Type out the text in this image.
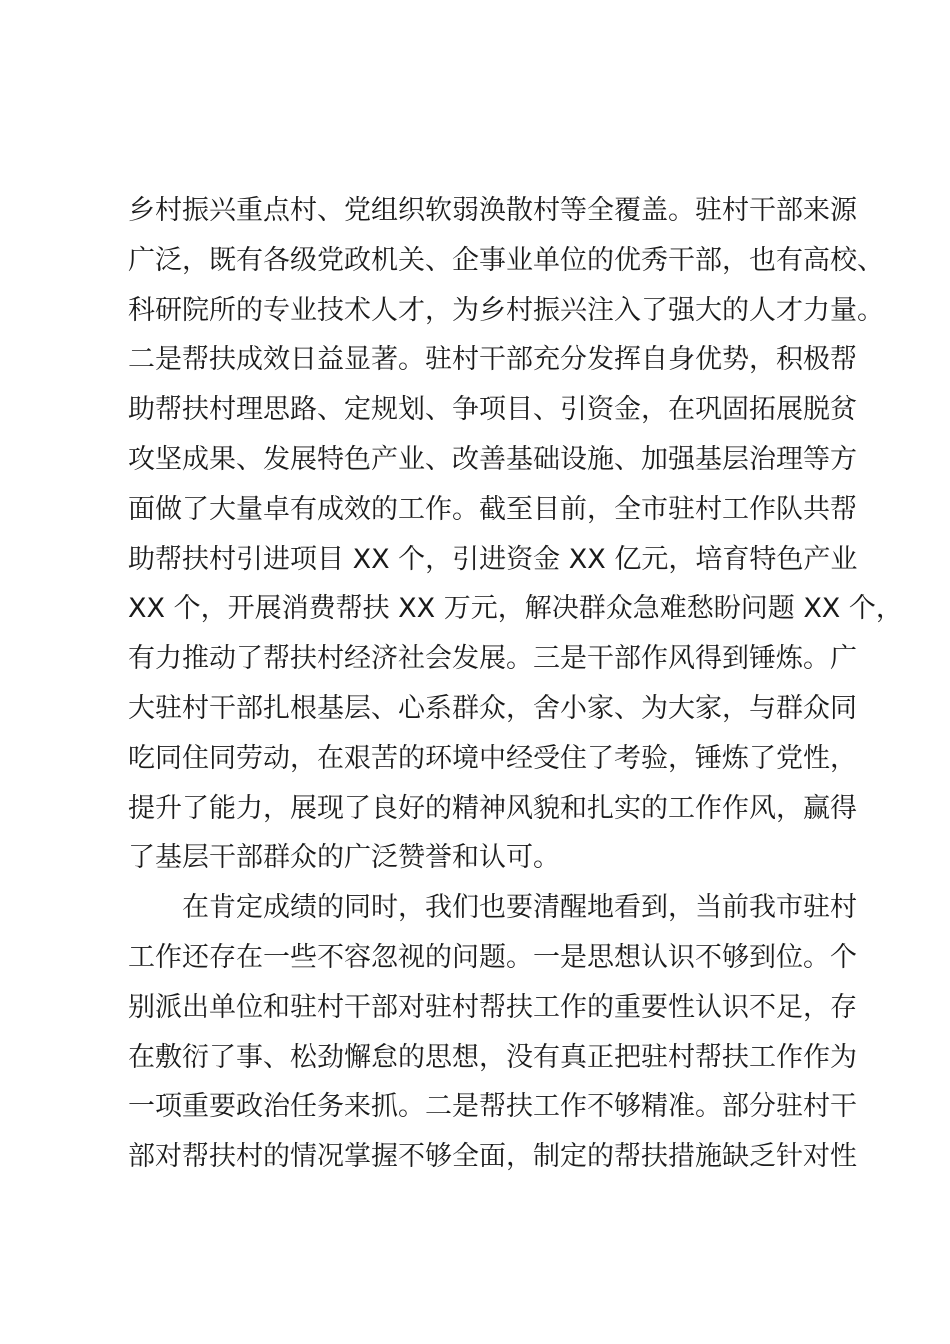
乡村振兴重点村、党组织软弱涣散村等全覆盖。驻村干部来源
广泛，既有各级党政机关、企事业单位的优秀干部，也有高校、
科研院所的专业技术人才，为乡村振兴注入了强大的人才力量。
二是帮扶成效日益显著。驻村干部充分发挥自身优势，积极帮
助帮扶村理思路、定规划、争项目、引资金，在巩固拓展脱贫
攻坚成果、发展特色产业、改善基础设施、加强基层治理等方
面做了大量卓有成效的工作。截至目前，全市驻村工作队共帮
助帮扶村引进项目 XX 个，引进资金 XX 亿元，培育特色产业
XX 个，开展消费帮扶 XX 万元，解决群众急难愁盼问题 XX 个，
有力推动了帮扶村经济社会发展。三是干部作风得到锤炼。广
大驻村干部扎根基层、心系群众，舍小家、为大家，与群众同
吃同住同劳动，在艰苦的环境中经受住了考验，锤炼了党性，
提升了能力，展现了良好的精神风貌和扎实的工作作风，赢得
了基层干部群众的广泛赞誉和认可。
在肯定成绩的同时，我们也要清醒地看到，当前我市驻村
工作还存在一些不容忽视的问题。一是思想认识不够到位。个
别派出单位和驻村干部对驻村帮扶工作的重要性认识不足，存
在敷衍了事、松劲懈怠的思想，没有真正把驻村帮扶工作作为
一项重要政治任务来抓。二是帮扶工作不够精准。部分驻村干
部对帮扶村的情况掌握不够全面，制定的帮扶措施缺乏针对性
